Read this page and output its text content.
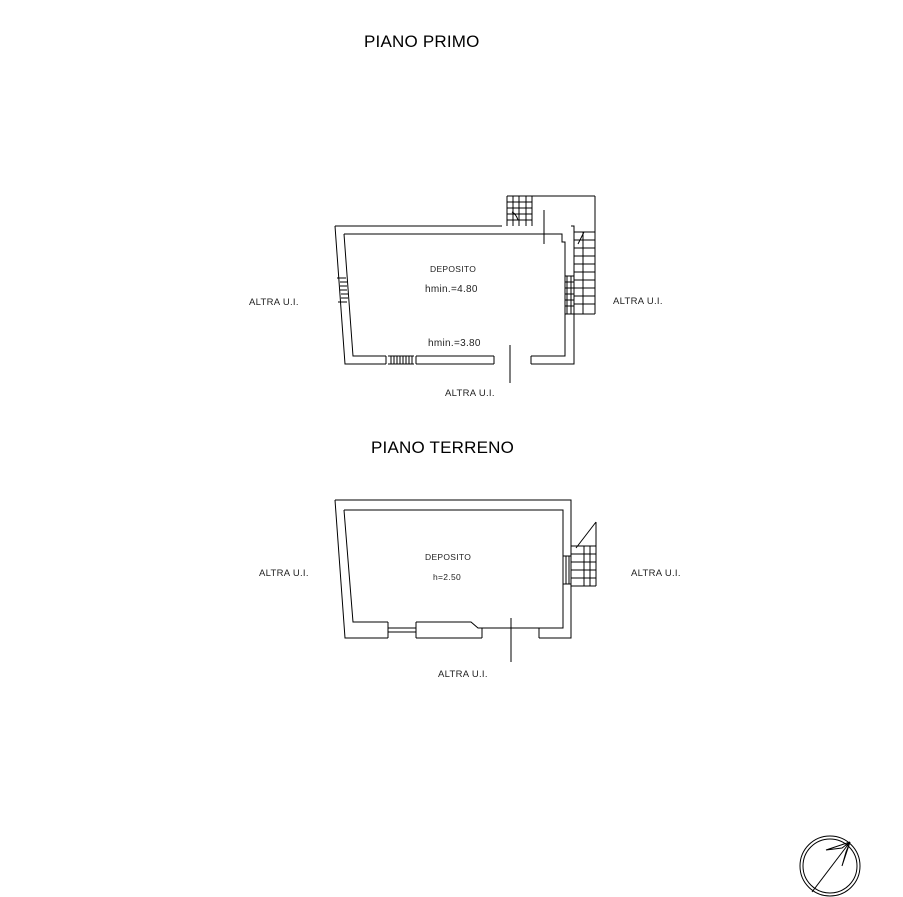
PIANO PRIMO
DEPOSITO
hmin.=4.80
hmin.=3.80
ALTRA U.I.	ALTRA U.I.
ALTRA U.I.
PIANO TERRENO
DEPOSITO
h=2.50
ALTRA U.I.	ALTRA U.I.
ALTRA U.I.
